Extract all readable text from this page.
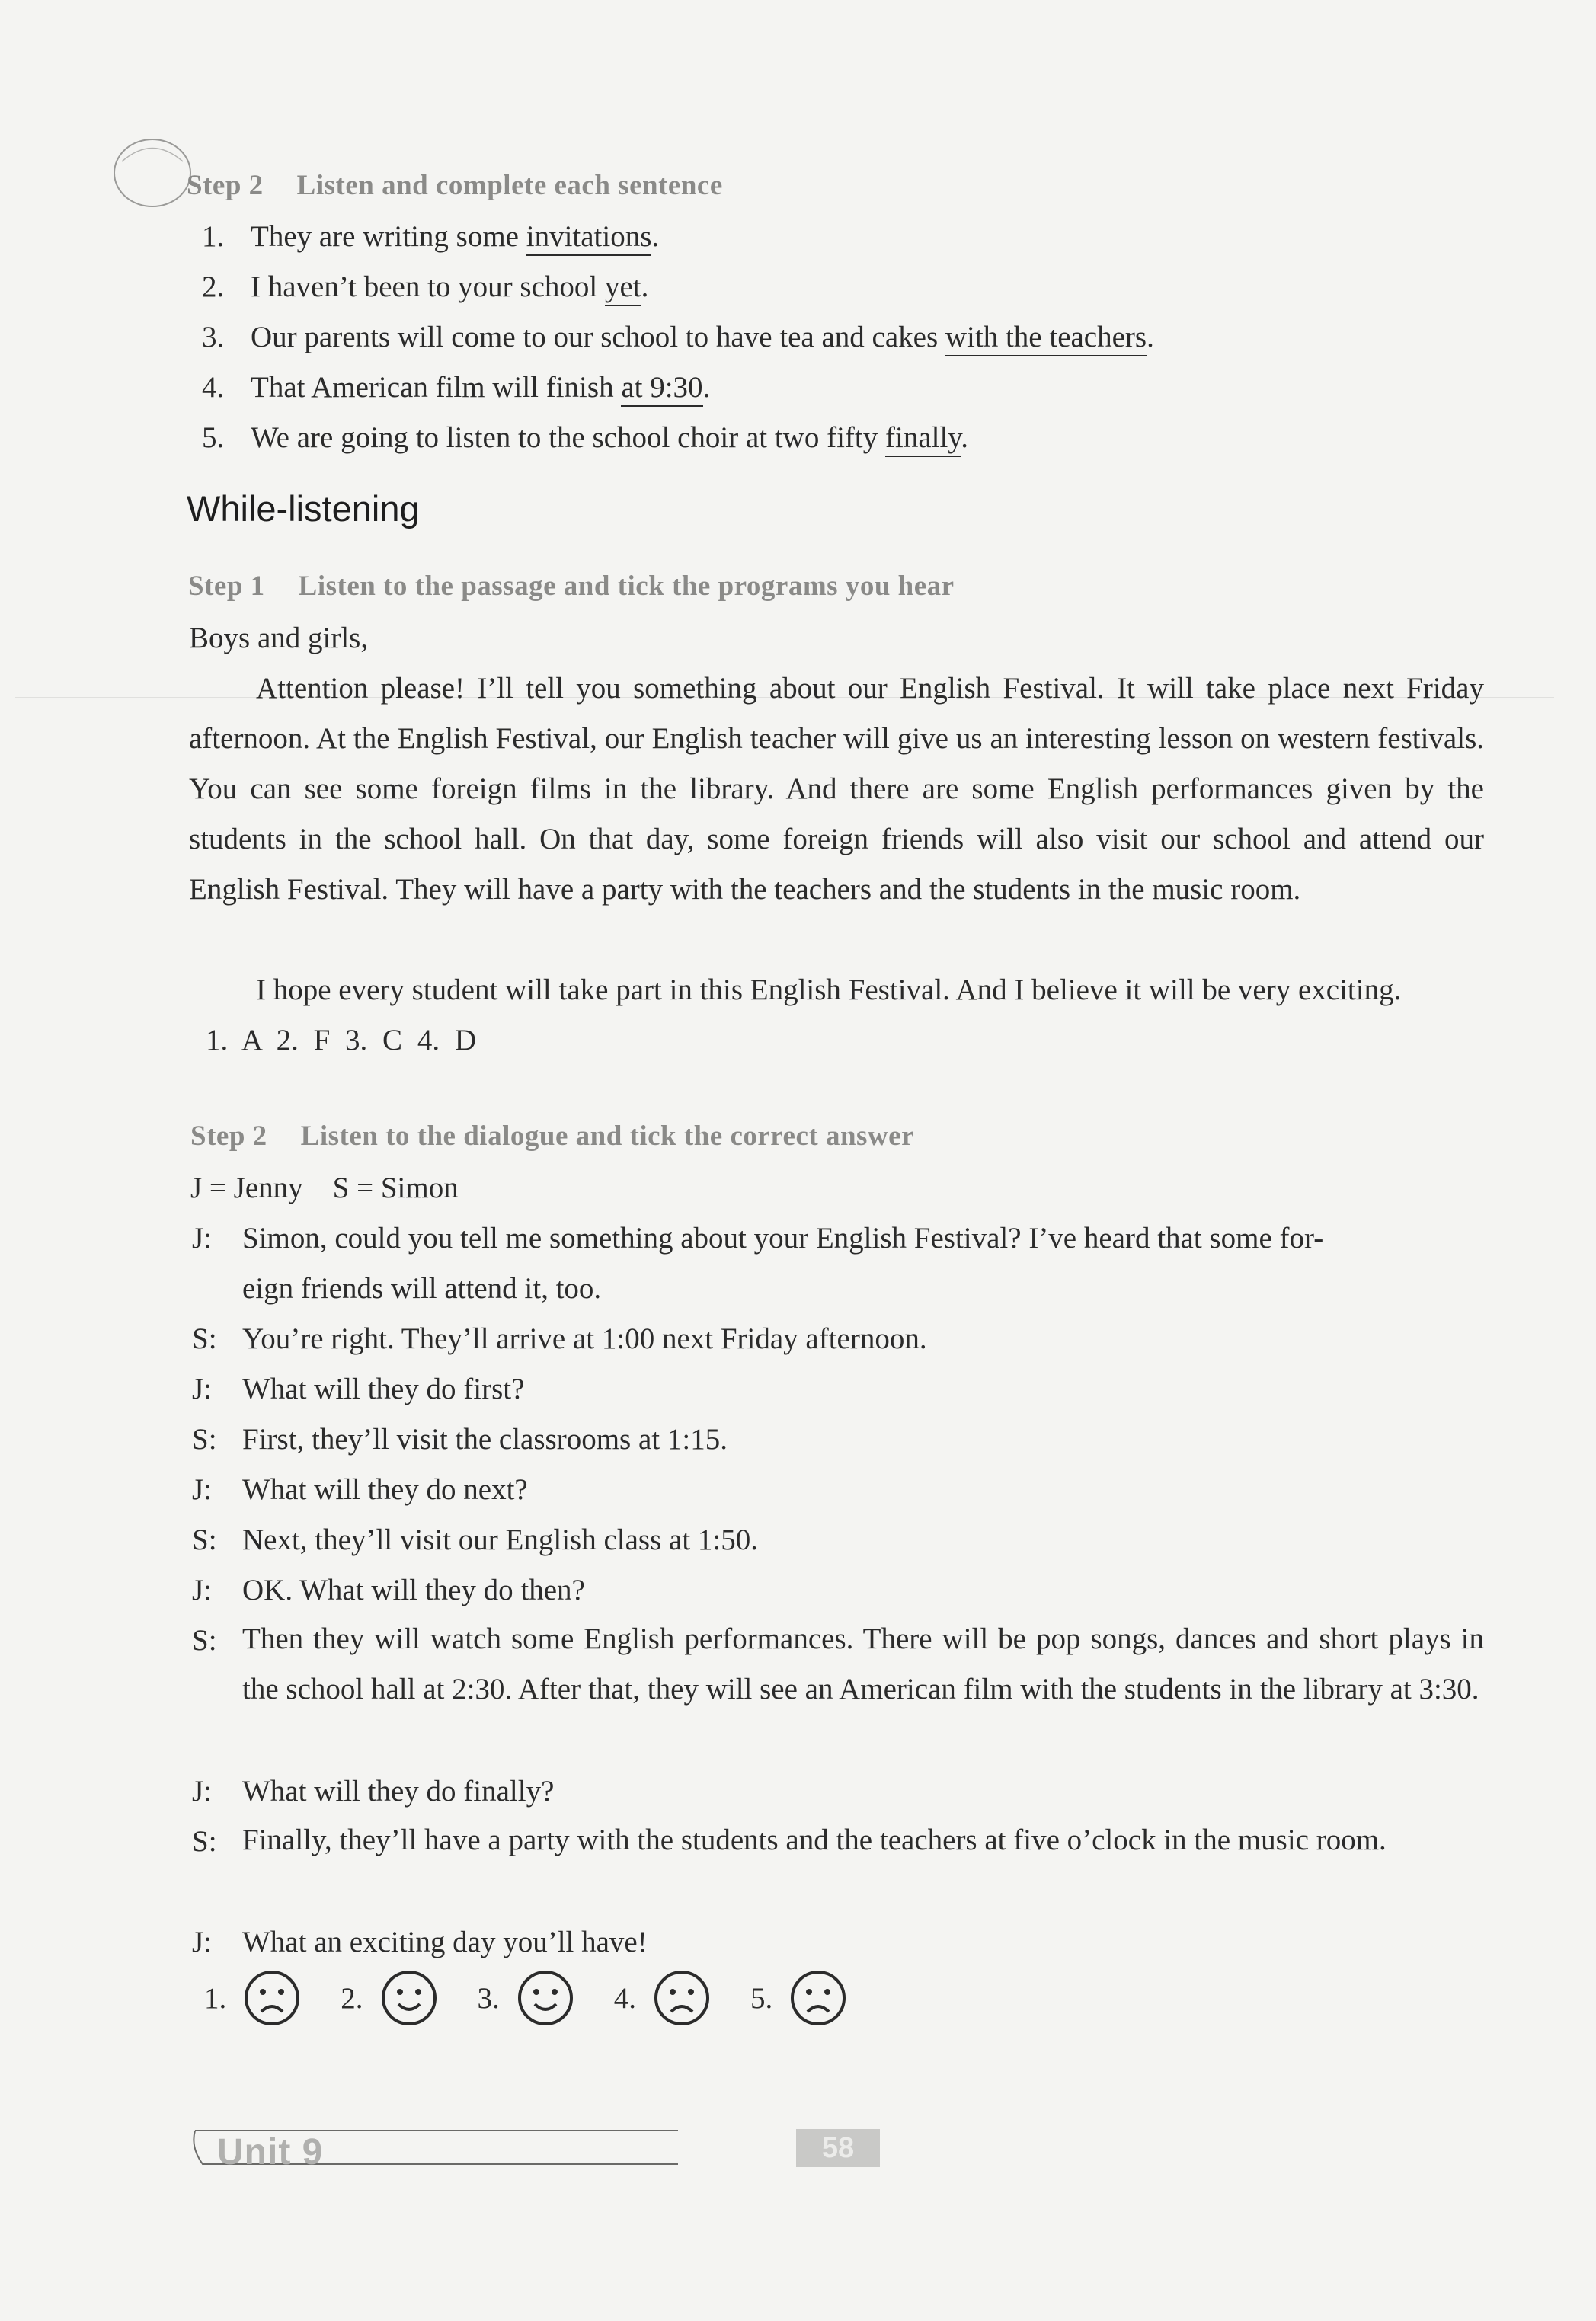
Step 2 Listen and complete each sentence
1. They are writing some invitations.
2. I haven’t been to your school yet.
3. Our parents will come to our school to have tea and cakes with the teachers.
4. That American film will finish at 9:30.
5. We are going to listen to the school choir at two fifty finally.
While-listening
Step 1 Listen to the passage and tick the programs you hear
Boys and girls,
Attention please! I’ll tell you something about our English Festival. It will take place next Friday afternoon. At the English Festival, our English teacher will give us an interesting lesson on western festivals. You can see some foreign films in the library. And there are some English performances given by the students in the school hall. On that day, some foreign friends will also visit our school and attend our English Festival. They will have a party with the teachers and the students in the music room.
I hope every student will take part in this English Festival. And I believe it will be very exciting.
1. A 2. F 3. C 4. D
Step 2 Listen to the dialogue and tick the correct answer
J = Jenny    S = Simon
J: Simon, could you tell me something about your English Festival? I’ve heard that some for-
eign friends will attend it, too.
S: You’re right. They’ll arrive at 1:00 next Friday afternoon.
J: What will they do first?
S: First, they’ll visit the classrooms at 1:15.
J: What will they do next?
S: Next, they’ll visit our English class at 1:50.
J: OK. What will they do then?
S: Then they will watch some English performances. There will be pop songs, dances and short plays in the school hall at 2:30. After that, they will see an American film with the students in the library at 3:30.
J: What will they do finally?
S: Finally, they’ll have a party with the students and the teachers at five o’clock in the music room.
J: What an exciting day you’ll have!
1.	2.	3.	4.	5.
Unit 9	58
